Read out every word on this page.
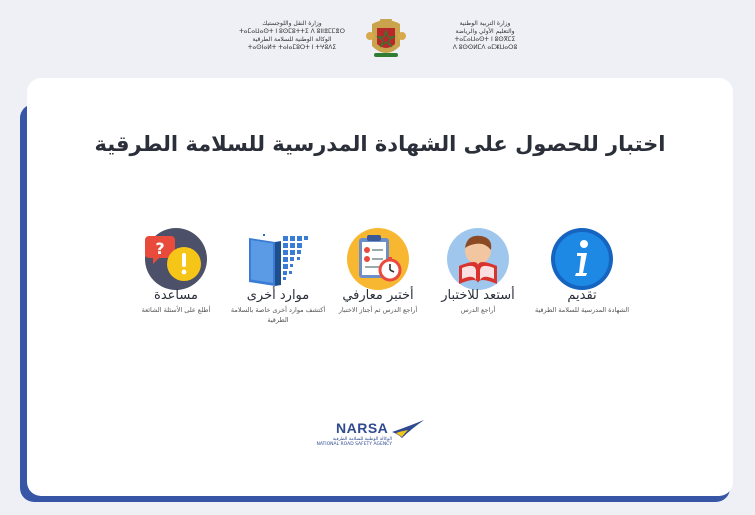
وزارة النقل واللوجستيك
ⵜⴰⵎⴰⵡⴰⵙⵜ ⵏ ⵓⵙⵎⵓⵜⵜⵉ ⴷ ⵓⵏⵏⴻⵎⵎⴻⵔ
الوكالة الوطنية للسلامة الطرقية
ⵜⴰⵙⵏⴰⵍⵜ ⵜⴰⵏⴰⵎⵓⵔⵜ ⵏ ⵜⵖⵓⴷⵉ
وزارة التربية الوطنية
والتعليم الأولي والرياضة
ⵜⴰⵎⴰⵡⴰⵙⵜ ⵏ ⵓⵙⴳⵎⵉ
ⴷ ⵓⵙⵙⵍⵎⴷ ⴰⵎⵣⵡⴰⵔⵓ
اختبار للحصول على الشهادة المدرسية للسلامة الطرقية
?
مساعدة
أطلع على الأسئلة الشائعة
موارد أخرى
أكتشف موارد أخرى خاصة بالسلامة الطرقية
أختبر معارفي
أراجع الدرس ثم أجتاز الاختبار
أستعد للاختبار
أراجع الدرس
تقديم
الشهادة المدرسية للسلامة الطرقية
NARSA
الوكالة الوطنية للسلامة الطرقية
NATIONAL ROAD SAFETY AGENCY
